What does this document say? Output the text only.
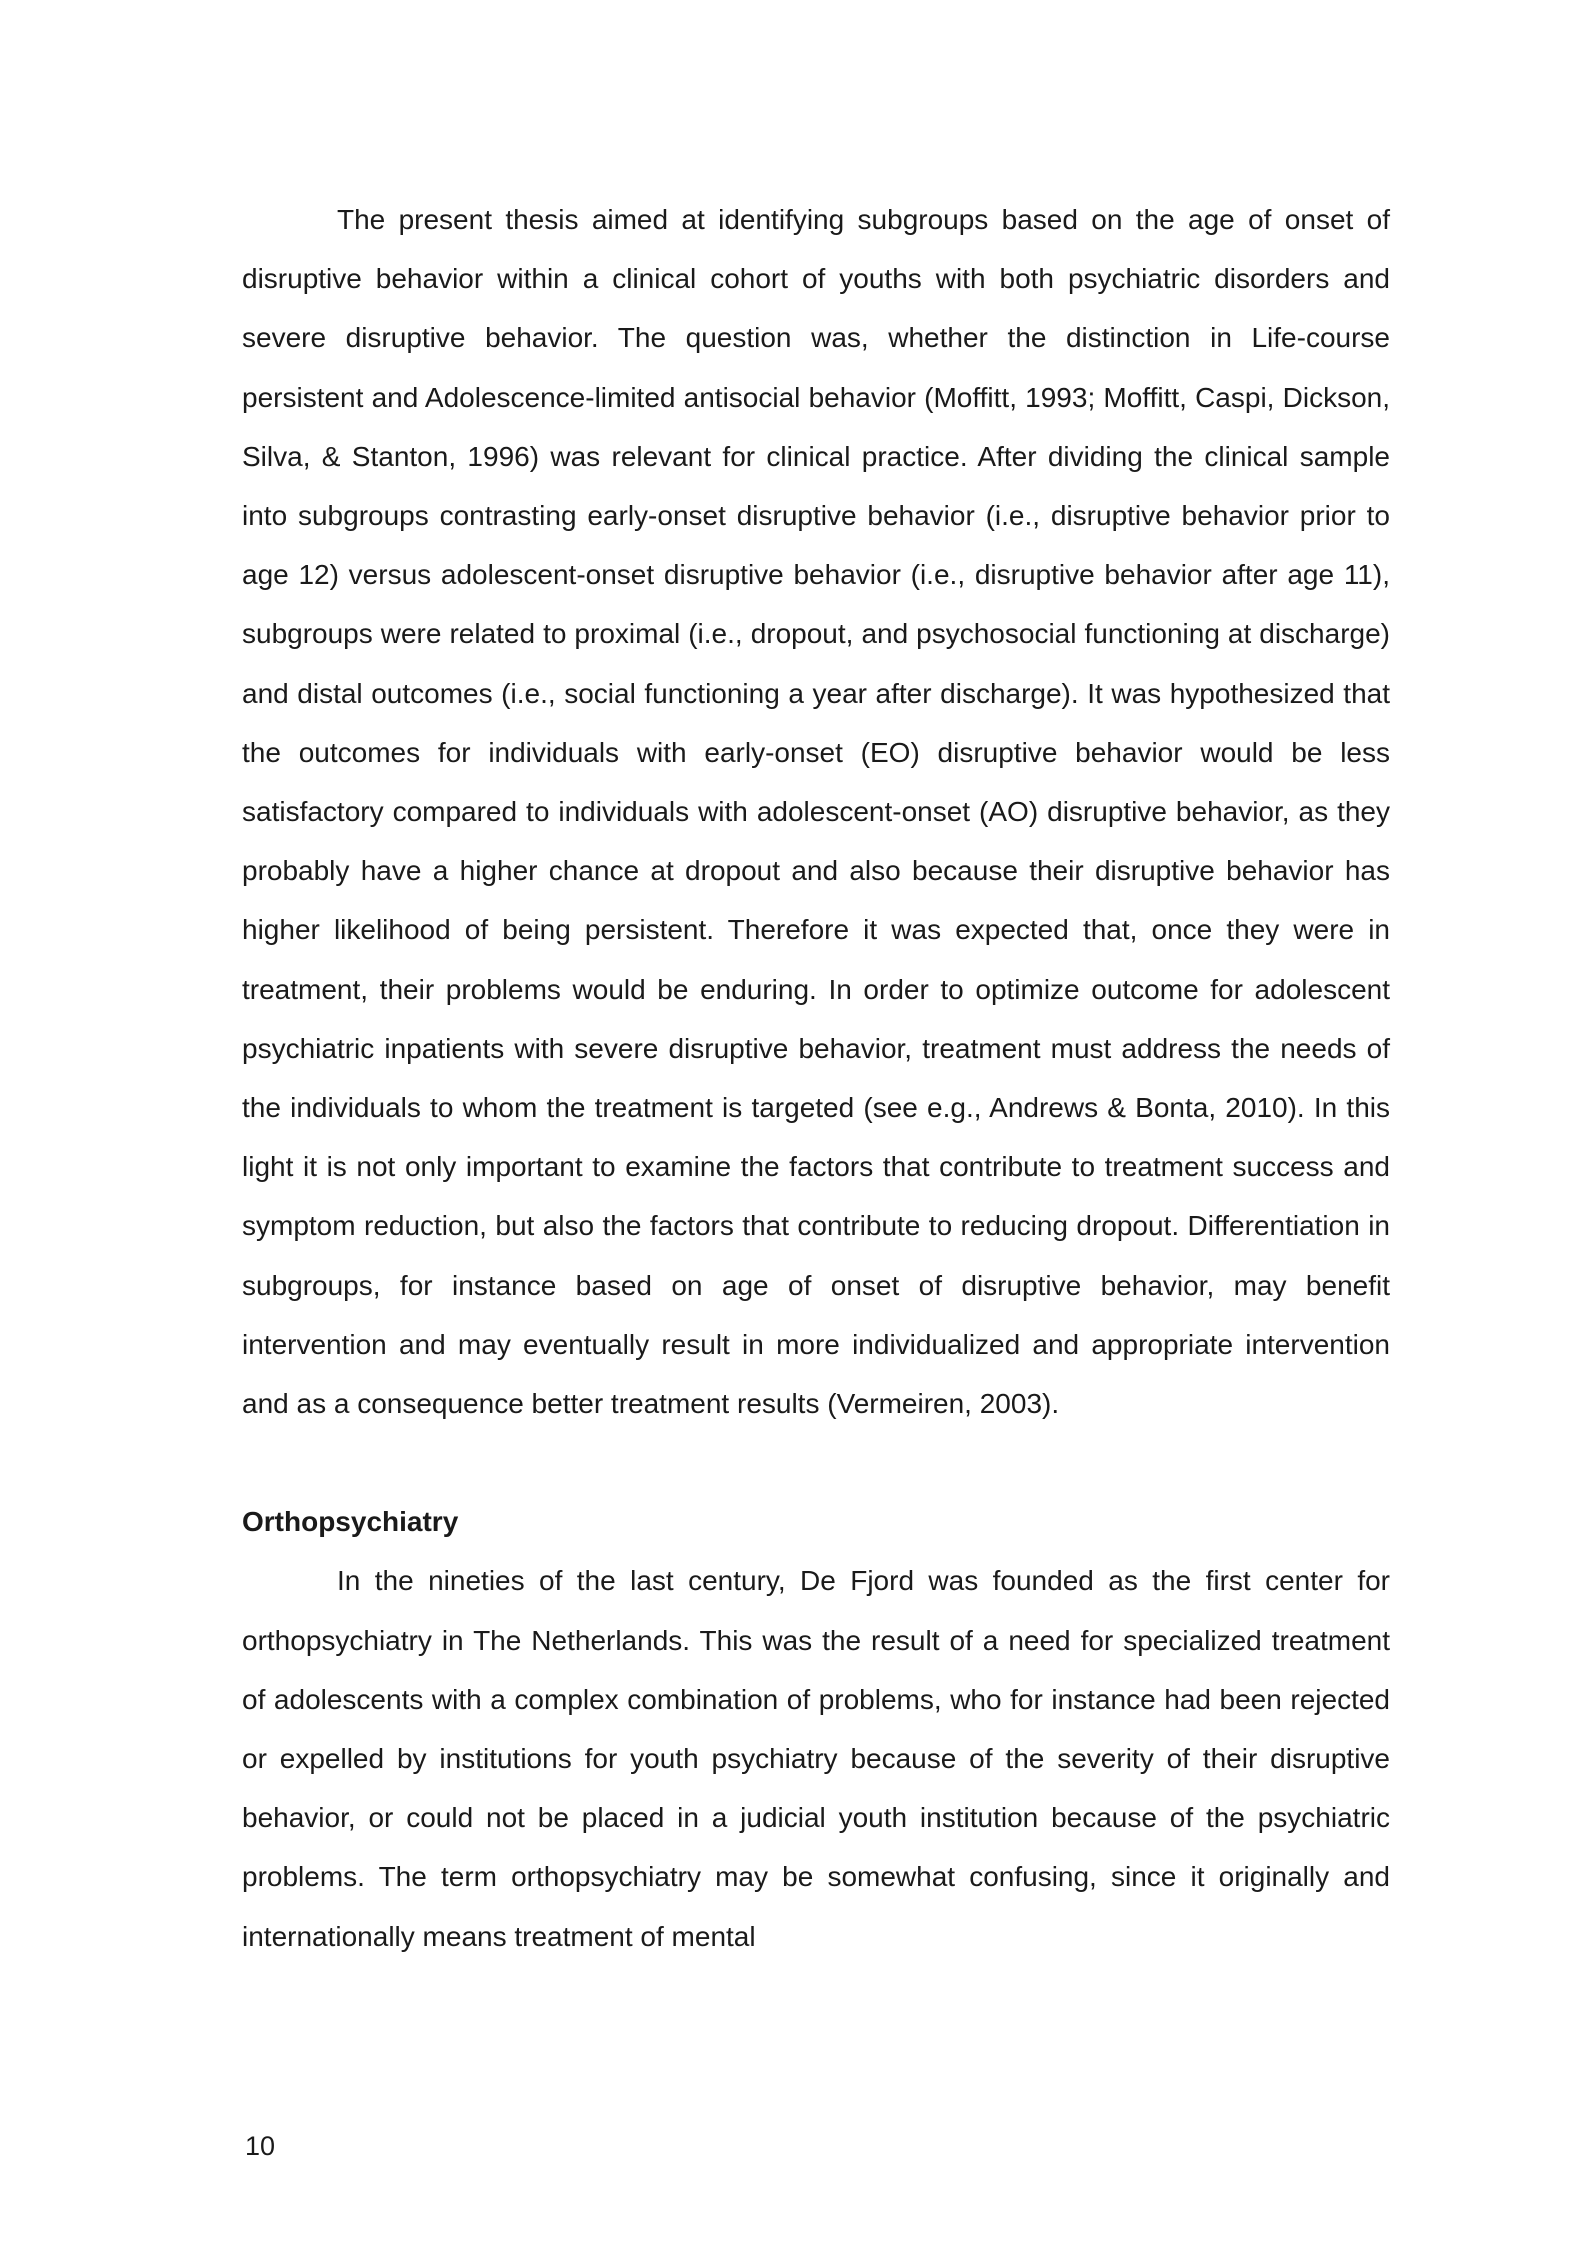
The present thesis aimed at identifying subgroups based on the age of onset of disruptive behavior within a clinical cohort of youths with both psychiatric disorders and severe disruptive behavior. The question was, whether the distinction in Life-course persistent and Adolescence-limited antisocial behavior (Moffitt, 1993; Moffitt, Caspi, Dickson, Silva, & Stanton, 1996) was relevant for clinical practice. After dividing the clinical sample into subgroups contrasting early-onset disruptive behavior (i.e., disruptive behavior prior to age 12) versus adolescent-onset disruptive behavior (i.e., disruptive behavior after age 11), subgroups were related to proximal (i.e., dropout, and psychosocial functioning at discharge) and distal outcomes (i.e., social functioning a year after discharge). It was hypothesized that the outcomes for individuals with early-onset (EO) disruptive behavior would be less satisfactory compared to individuals with adolescent-onset (AO) disruptive behavior, as they probably have a higher chance at dropout and also because their disruptive behavior has higher likelihood of being persistent. Therefore it was expected that, once they were in treatment, their problems would be enduring. In order to optimize outcome for adolescent psychiatric inpatients with severe disruptive behavior, treatment must address the needs of the individuals to whom the treatment is targeted (see e.g., Andrews & Bonta, 2010). In this light it is not only important to examine the factors that contribute to treatment success and symptom reduction, but also the factors that contribute to reducing dropout. Differentiation in subgroups, for instance based on age of onset of disruptive behavior, may benefit intervention and may eventually result in more individualized and appropriate intervention and as a consequence better treatment results (Vermeiren, 2003).

Orthopsychiatry

In the nineties of the last century, De Fjord was founded as the first center for orthopsychiatry in The Netherlands. This was the result of a need for specialized treatment of adolescents with a complex combination of problems, who for instance had been rejected or expelled by institutions for youth psychiatry because of the severity of their disruptive behavior, or could not be placed in a judicial youth institution because of the psychiatric problems. The term orthopsychiatry may be somewhat confusing, since it originally and internationally means treatment of mental

10
